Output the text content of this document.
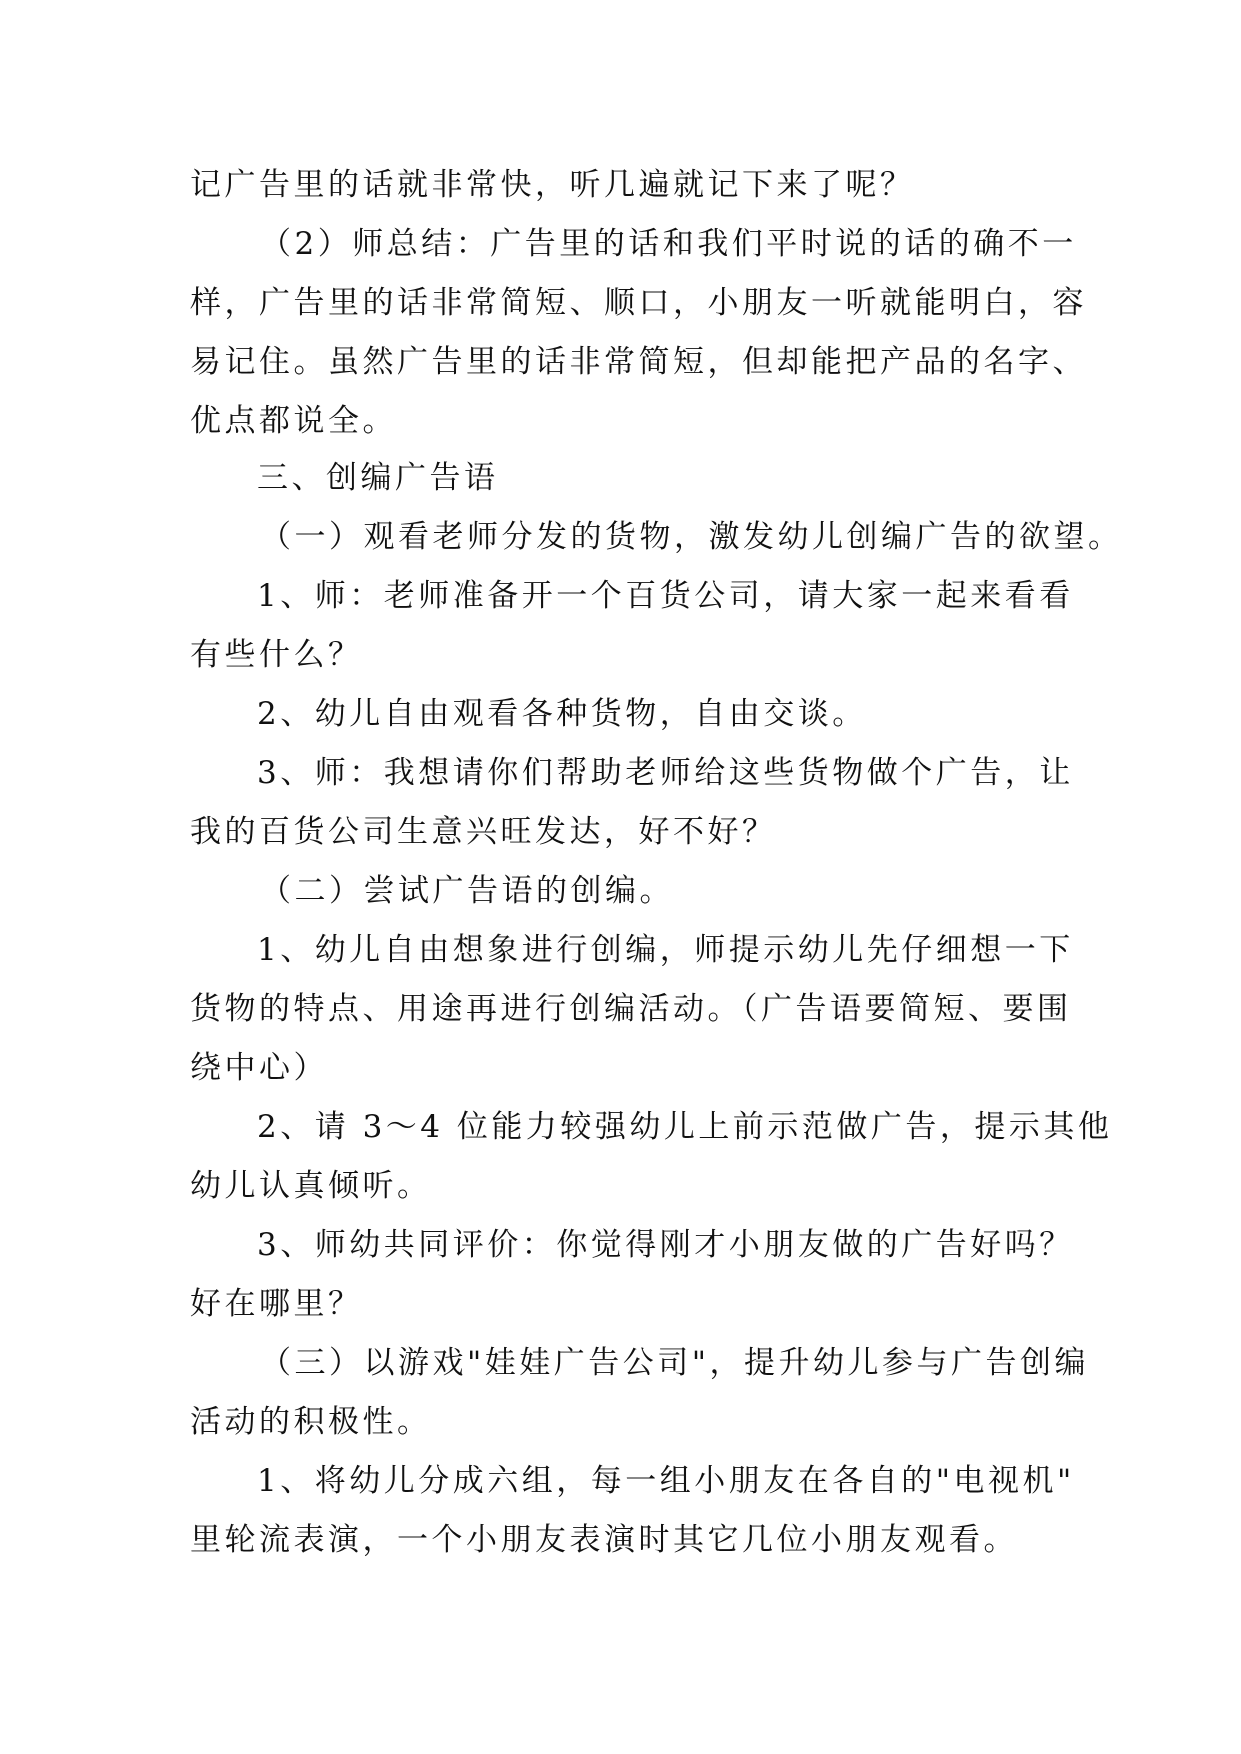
记广告里的话就非常快，听几遍就记下来了呢？
（2）师总结：广告里的话和我们平时说的话的确不一
样，广告里的话非常简短、顺口，小朋友一听就能明白，容
易记住。虽然广告里的话非常简短，但却能把产品的名字、
优点都说全。
三、创编广告语
（一）观看老师分发的货物，激发幼儿创编广告的欲望。
1、师：老师准备开一个百货公司，请大家一起来看看
有些什么？
2、幼儿自由观看各种货物，自由交谈。
3、师：我想请你们帮助老师给这些货物做个广告，让
我的百货公司生意兴旺发达，好不好？
（二）尝试广告语的创编。
1、幼儿自由想象进行创编，师提示幼儿先仔细想一下
货物的特点、用途再进行创编活动。（广告语要简短、要围
绕中心）
2、请 3～4 位能力较强幼儿上前示范做广告，提示其他
幼儿认真倾听。
3、师幼共同评价：你觉得刚才小朋友做的广告好吗？
好在哪里？
（三）以游戏"娃娃广告公司"，提升幼儿参与广告创编
活动的积极性。
1、将幼儿分成六组，每一组小朋友在各自的"电视机"
里轮流表演，一个小朋友表演时其它几位小朋友观看。
